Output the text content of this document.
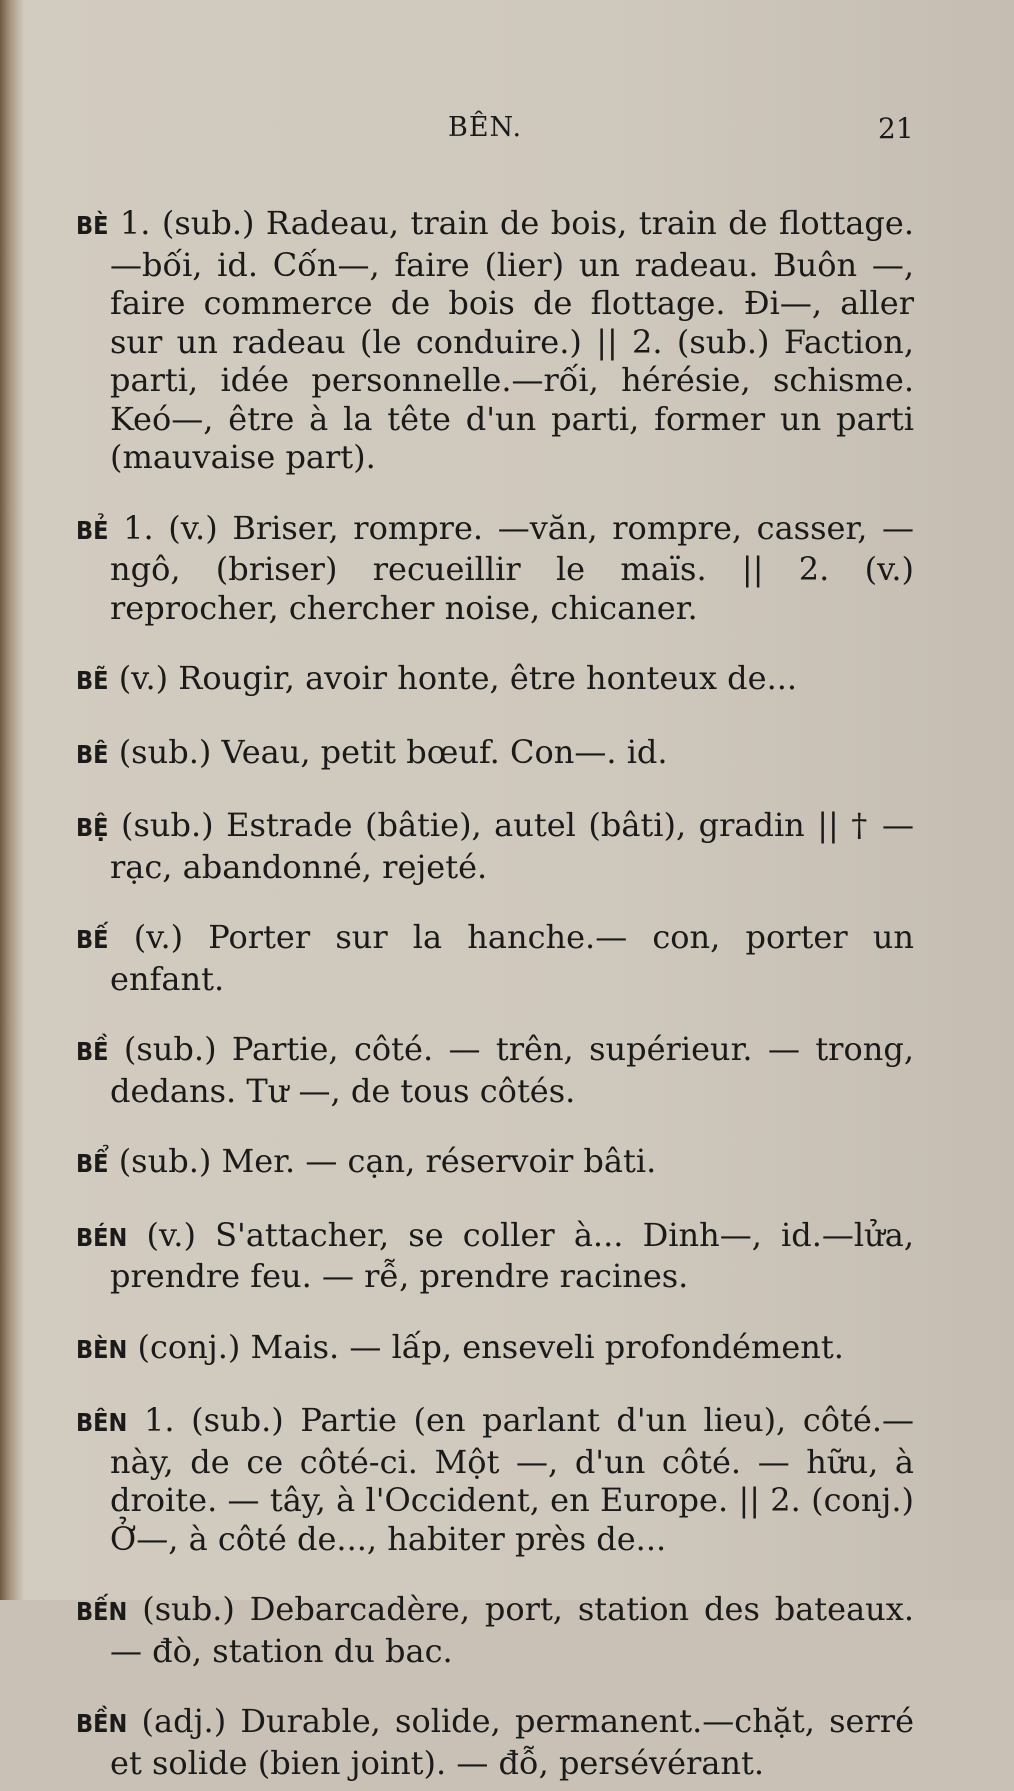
BÊN.	21

BÈ 1. (sub.) Radeau, train de bois, train de flottage. —bối, id. Cốn—, faire (lier) un radeau. Buôn —, faire commerce de bois de flottage. Đi—, aller sur un radeau (le conduire.) || 2. (sub.) Faction, parti, idée personnelle.—rối, hérésie, schisme. Keó—, être à la tête d'un parti, former un parti (mauvaise part).

BẺ 1. (v.) Briser, rompre. —văn, rompre, casser, —ngô, (briser) recueillir le maïs. || 2. (v.) reprocher, chercher noise, chicaner.

BẼ (v.) Rougir, avoir honte, être honteux de...

BÊ (sub.) Veau, petit bœuf. Con—. id.

BỆ (sub.) Estrade (bâtie), autel (bâti), gradin || † —rạc, abandonné, rejeté.

BẾ (v.) Porter sur la hanche.— con, porter un enfant.

BỀ (sub.) Partie, côté. — trên, supérieur. — trong, dedans. Tư —, de tous côtés.

BỂ (sub.) Mer. — cạn, réservoir bâti.

BÉN (v.) S'attacher, se coller à... Dinh—, id.—lửa, prendre feu. — rễ, prendre racines.

BÈN (conj.) Mais. — lấp, enseveli profondément.

BÊN 1. (sub.) Partie (en parlant d'un lieu), côté.— này, de ce côté-ci. Một —, d'un côté. — hữu, à droite. — tây, à l'Occident, en Europe. || 2. (conj.) Ở—, à côté de..., habiter près de...

BẾN (sub.) Debarcadère, port, station des bateaux. — đò, station du bac.

BỀN (adj.) Durable, solide, permanent.—chặt, serré et solide (bien joint). — đỗ, persévérant.
